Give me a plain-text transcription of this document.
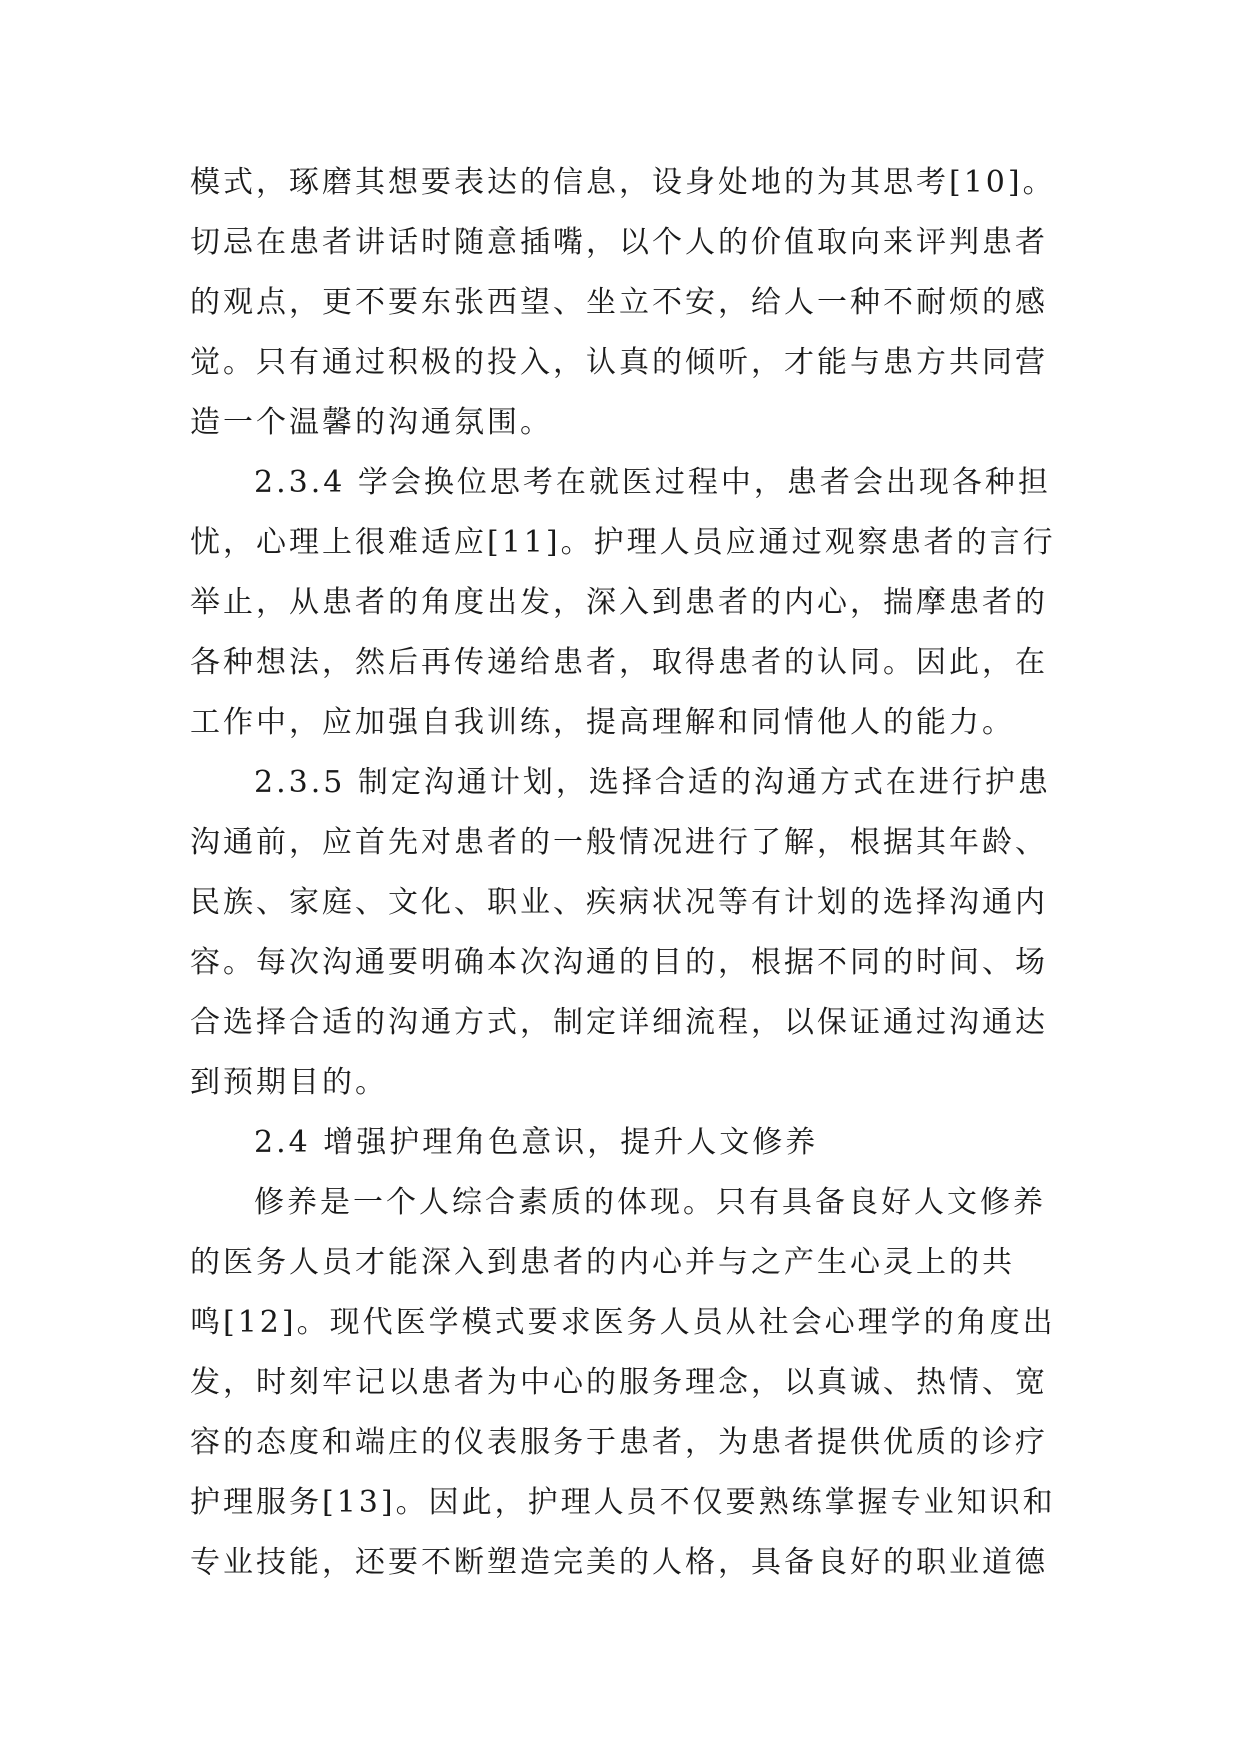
模式，琢磨其想要表达的信息，设身处地的为其思考[10]。
切忌在患者讲话时随意插嘴，以个人的价值取向来评判患者
的观点，更不要东张西望、坐立不安，给人一种不耐烦的感
觉。只有通过积极的投入，认真的倾听，才能与患方共同营
造一个温馨的沟通氛围。
2.3.4 学会换位思考在就医过程中，患者会出现各种担
忧，心理上很难适应[11]。护理人员应通过观察患者的言行
举止，从患者的角度出发，深入到患者的内心，揣摩患者的
各种想法，然后再传递给患者，取得患者的认同。因此，在
工作中，应加强自我训练，提高理解和同情他人的能力。
2.3.5 制定沟通计划，选择合适的沟通方式在进行护患
沟通前，应首先对患者的一般情况进行了解，根据其年龄、
民族、家庭、文化、职业、疾病状况等有计划的选择沟通内
容。每次沟通要明确本次沟通的目的，根据不同的时间、场
合选择合适的沟通方式，制定详细流程，以保证通过沟通达
到预期目的。
2.4 增强护理角色意识，提升人文修养
修养是一个人综合素质的体现。只有具备良好人文修养
的医务人员才能深入到患者的内心并与之产生心灵上的共
鸣[12]。现代医学模式要求医务人员从社会心理学的角度出
发，时刻牢记以患者为中心的服务理念，以真诚、热情、宽
容的态度和端庄的仪表服务于患者，为患者提供优质的诊疗
护理服务[13]。因此，护理人员不仅要熟练掌握专业知识和
专业技能，还要不断塑造完美的人格，具备良好的职业道德
